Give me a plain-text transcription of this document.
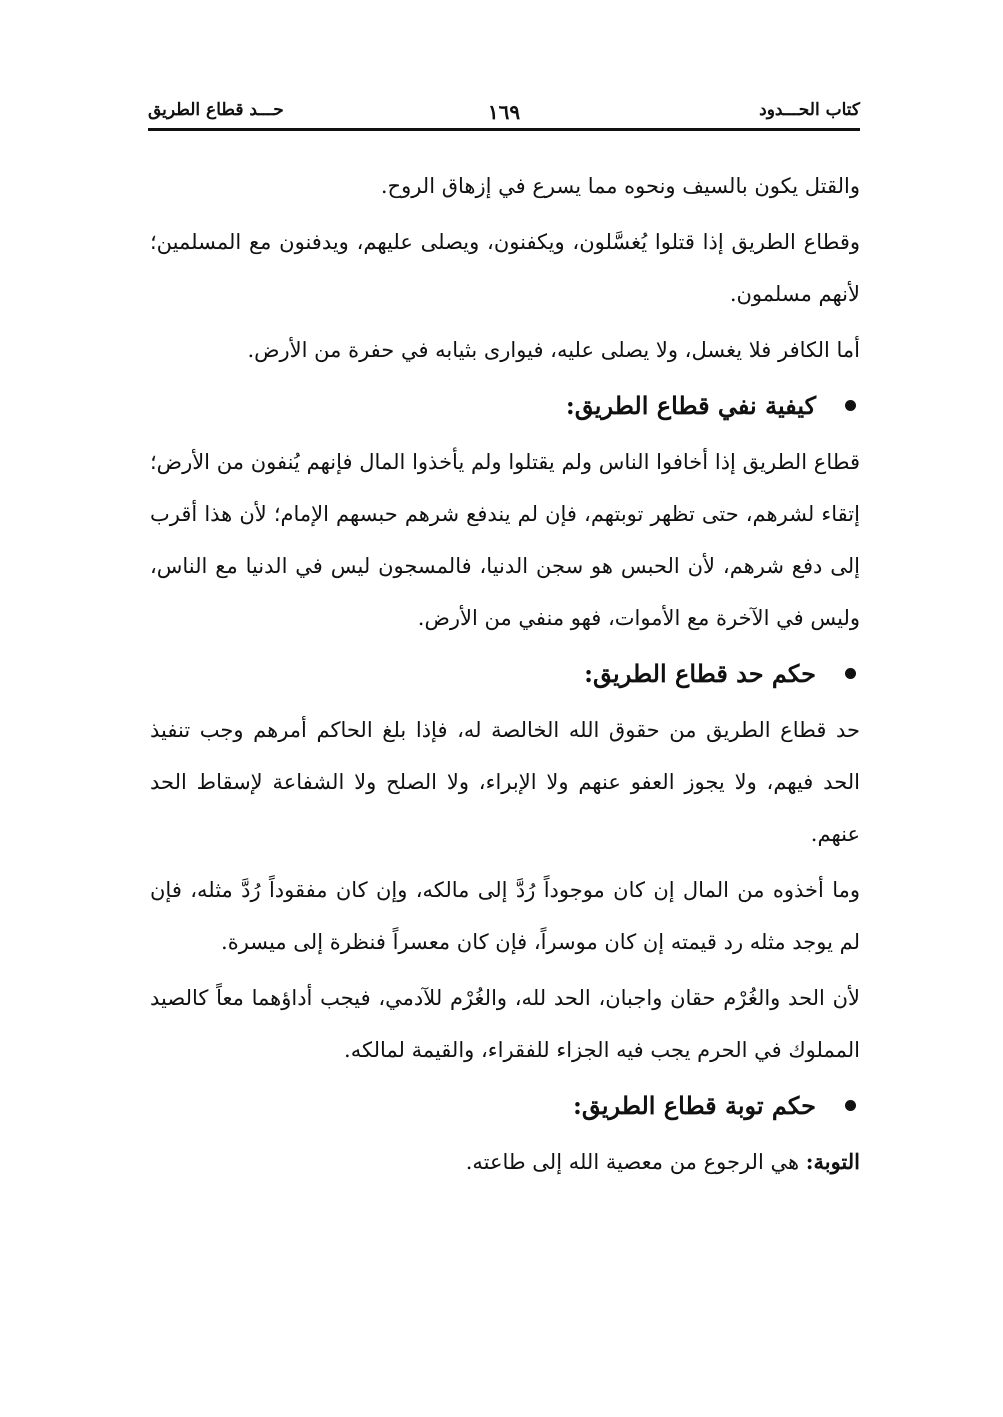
كتاب الحـــدود
١٦٩
حـــد قطاع الطريق

والقتل يكون بالسيف ونحوه مما يسرع في إزهاق الروح.

وقطاع الطريق إذا قتلوا يُغسَّلون، ويكفنون، ويصلى عليهم، ويدفنون مع المسلمين؛ لأنهم مسلمون.

أما الكافر فلا يغسل، ولا يصلى عليه، فيوارى بثيابه في حفرة من الأرض.

كيفية نفي قطاع الطريق:

قطاع الطريق إذا أخافوا الناس ولم يقتلوا ولم يأخذوا المال فإنهم يُنفون من الأرض؛ إتقاء لشرهم، حتى تظهر توبتهم، فإن لم يندفع شرهم حبسهم الإمام؛ لأن هذا أقرب إلى دفع شرهم، لأن الحبس هو سجن الدنيا، فالمسجون ليس في الدنيا مع الناس، وليس في الآخرة مع الأموات، فهو منفي من الأرض.

حكم حد قطاع الطريق:

حد قطاع الطريق من حقوق الله الخالصة له، فإذا بلغ الحاكم أمرهم وجب تنفيذ الحد فيهم، ولا يجوز العفو عنهم ولا الإبراء، ولا الصلح ولا الشفاعة لإسقاط الحد عنهم.

وما أخذوه من المال إن كان موجوداً رُدَّ إلى مالكه، وإن كان مفقوداً رُدَّ مثله، فإن لم يوجد مثله رد قيمته إن كان موسراً، فإن كان معسراً فنظرة إلى ميسرة.

لأن الحد والغُرْم حقان واجبان، الحد لله، والغُرْم للآدمي، فيجب أداؤهما معاً كالصيد المملوك في الحرم يجب فيه الجزاء للفقراء، والقيمة لمالكه.

حكم توبة قطاع الطريق:

التوبة: هي الرجوع من معصية الله إلى طاعته.
